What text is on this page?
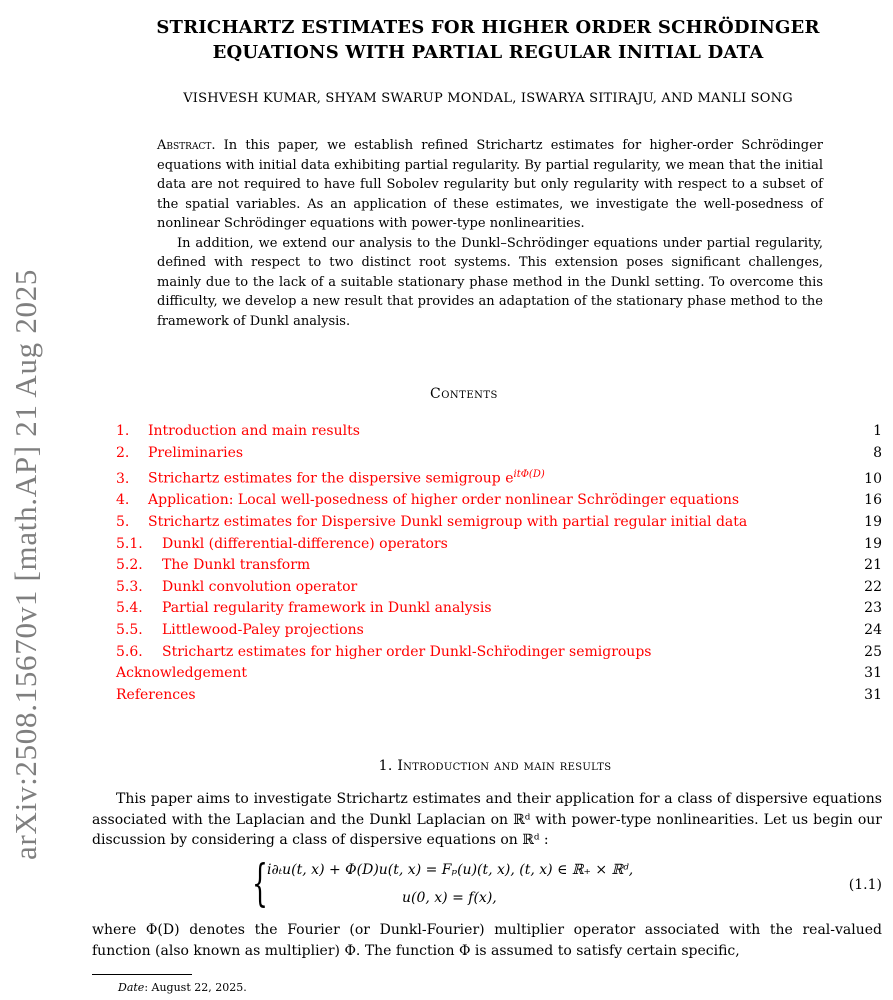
arXiv:2508.15670v1 [math.AP] 21 Aug 2025
STRICHARTZ ESTIMATES FOR HIGHER ORDER SCHRÖDINGER
EQUATIONS WITH PARTIAL REGULAR INITIAL DATA
VISHVESH KUMAR, SHYAM SWARUP MONDAL, ISWARYA SITIRAJU, AND MANLI SONG

Abstract. In this paper, we establish refined Strichartz estimates for higher-order Schrödinger equations with initial data exhibiting partial regularity. By partial regularity, we mean that the initial data are not required to have full Sobolev regularity but only regularity with respect to a subset of the spatial variables. As an application of these estimates, we investigate the well-posedness of nonlinear Schrödinger equations with power-type nonlinearities.

In addition, we extend our analysis to the Dunkl–Schrödinger equations under partial regularity, defined with respect to two distinct root systems. This extension poses significant challenges, mainly due to the lack of a suitable stationary phase method in the Dunkl setting. To overcome this difficulty, we develop a new result that provides an adaptation of the stationary phase method to the framework of Dunkl analysis.

Contents
1. Introduction and main results	1
2. Preliminaries	8
3. Strichartz estimates for the dispersive semigroup $e^{it\Phi(D)}$	10
4. Application: Local well-posedness of higher order nonlinear Schrödinger equations	16
5. Strichartz estimates for Dispersive Dunkl semigroup with partial regular initial data	19
5.1. Dunkl (differential-difference) operators	19
5.2. The Dunkl transform	21
5.3. Dunkl convolution operator	22
5.4. Partial regularity framework in Dunkl analysis	23
5.5. Littlewood-Paley projections	24
5.6. Strichartz estimates for higher order Dunkl-Schr̈odinger semigroups	25
Acknowledgement	31
References	31
1. Introduction and main results

This paper aims to investigate Strichartz estimates and their application for a class of dispersive equations associated with the Laplacian and the Dunkl Laplacian on ℝᵈ with power-type nonlinearities. Let us begin our discussion by considering a class of dispersive equations on ℝᵈ :

{ i∂ₜu(t, x) + Φ(D)u(t, x) = Fₚ(u)(t, x), (t, x) ∈ ℝ₊ × ℝᵈ,
u(0, x) = f(x),
(1.1)

where Φ(D) denotes the Fourier (or Dunkl-Fourier) multiplier operator associated with the real-valued function (also known as multiplier) Φ. The function Φ is assumed to satisfy certain specific,

Date: August 22, 2025.
